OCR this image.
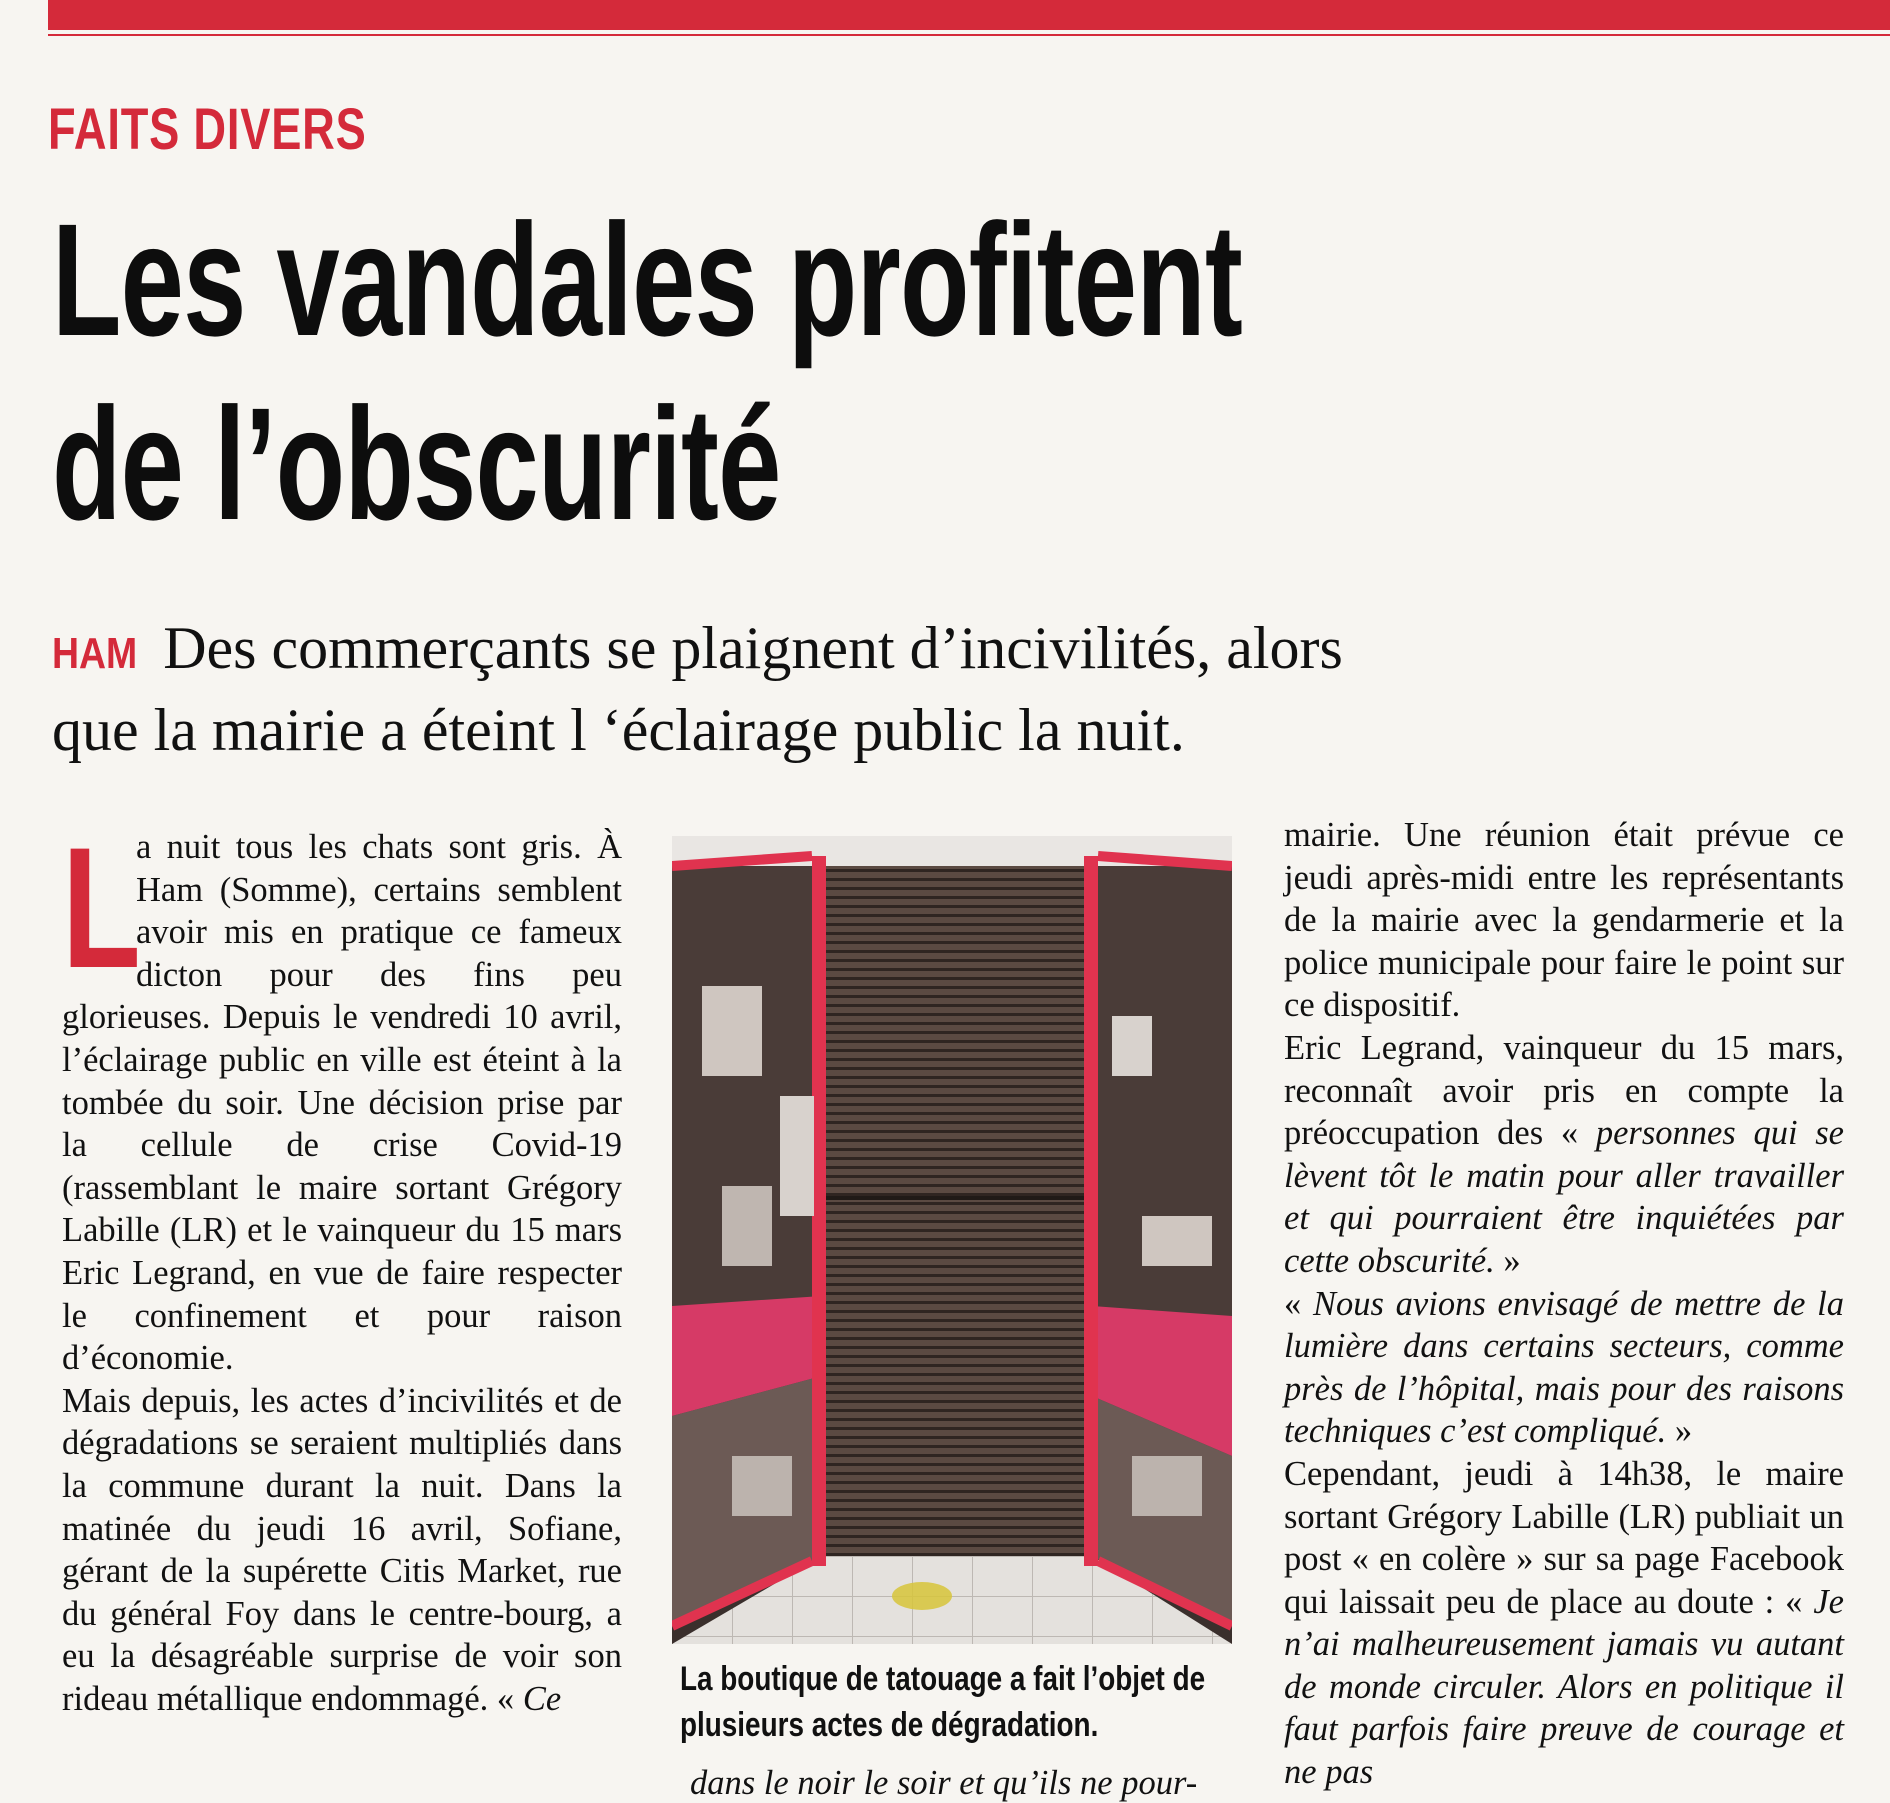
FAITS DIVERS
Les vandales profitent
de l’obscurité
HAM Des commerçants se plaignent d’incivilités, alors
que la mairie a éteint l ‘éclairage public la nuit.
L

a nuit tous les chats sont gris. À Ham (Somme), certains semblent avoir mis en pratique ce fameux dicton pour des fins peu glorieuses. Depuis le vendredi 10 avril, l’éclairage public en ville est éteint à la tombée du soir. Une décision prise par la cellule de crise Covid-19 (rassemblant le maire sortant Grégory Labille (LR) et le vainqueur du 15 mars Eric Legrand, en vue de faire respecter le confinement et pour raison d’économie.

Mais depuis, les actes d’incivilités et de dégradations se seraient multipliés dans la commune durant la nuit. Dans la matinée du jeudi 16 avril, Sofiane, gérant de la supérette Citis Market, rue du général Foy dans le centre-bourg, a eu la désagréable surprise de voir son rideau métallique endommagé. « Ce

La boutique de tatouage a fait l’objet de
plusieurs actes de dégradation.
dans le noir le soir et qu’ils ne pour-

mairie. Une réunion était prévue ce jeudi après-midi entre les représentants de la mairie avec la gendarmerie et la police municipale pour faire le point sur ce dispositif.

Eric Legrand, vainqueur du 15 mars, reconnaît avoir pris en compte la préoccupation des « personnes qui se lèvent tôt le matin pour aller travailler et qui pourraient être inquiétées par cette obscurité. »

« Nous avions envisagé de mettre de la lumière dans certains secteurs, comme près de l’hôpital, mais pour des raisons techniques c’est compliqué. »

Cependant, jeudi à 14h38, le maire sortant Grégory Labille (LR) publiait un post « en colère » sur sa page Facebook qui laissait peu de place au doute : « Je n’ai malheureusement jamais vu autant de monde circuler. Alors en politique il faut parfois faire preuve de courage et ne pas
